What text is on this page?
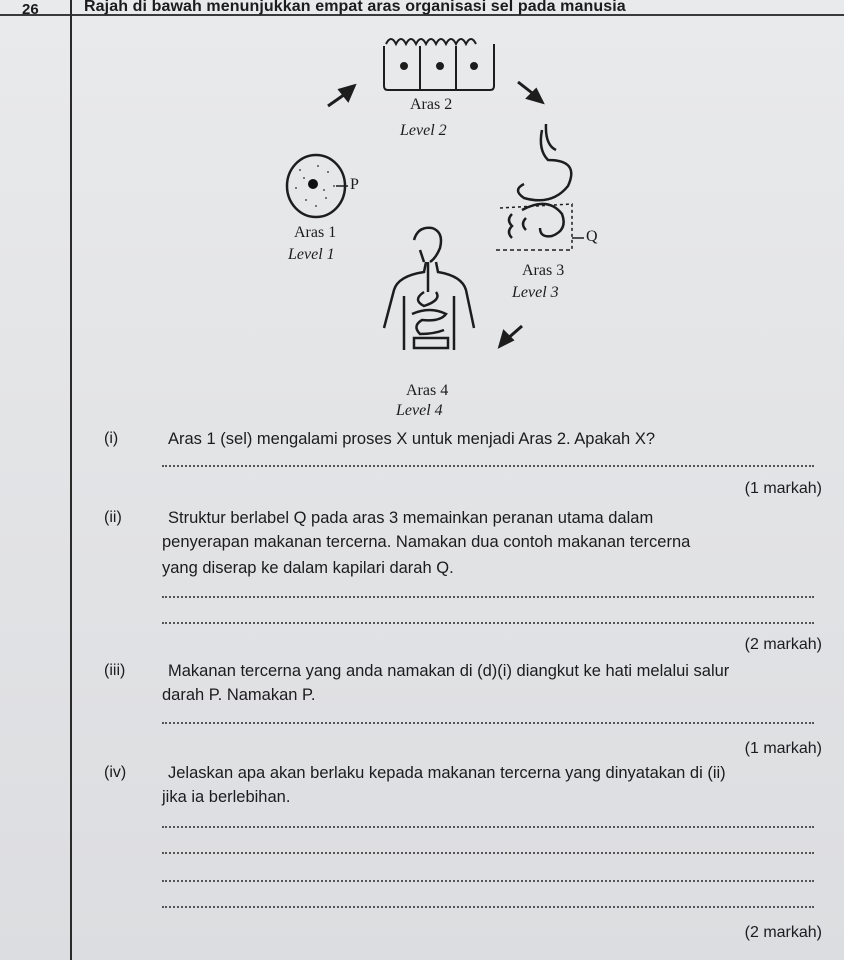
26	Rajah di bawah menunjukkan empat aras organisasi sel pada manusia
Aras 2
Level 2
P
Aras 1
Level 1
Q
Aras 3
Level 3
Aras 4
Level 4
(i)	Aras 1 (sel) mengalami proses X untuk menjadi Aras 2. Apakah X?
(1 markah)
(ii)	Struktur berlabel Q pada aras 3 memainkan peranan utama dalam
penyerapan makanan tercerna. Namakan dua contoh makanan tercerna
yang diserap ke dalam kapilari darah Q.
(2 markah)
(iii)	Makanan tercerna yang anda namakan di (d)(i) diangkut ke hati melalui salur
darah P. Namakan P.
(1 markah)
(iv)	Jelaskan apa akan berlaku kepada makanan tercerna yang dinyatakan di (ii)
jika ia berlebihan.
(2 markah)
